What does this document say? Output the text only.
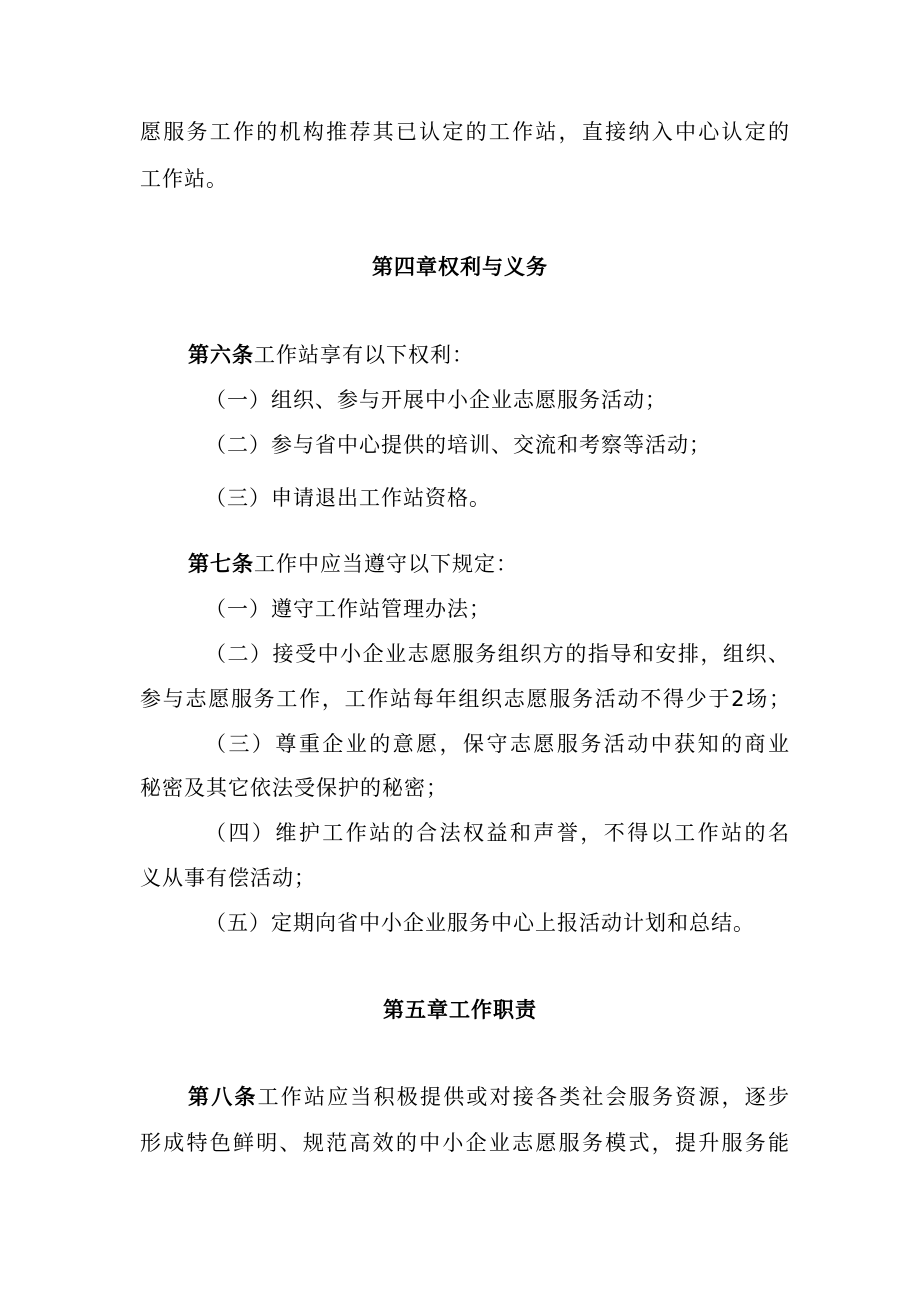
愿服务工作的机构推荐其已认定的工作站，直接纳入中心认定的

工作站。

第四章权利与义务

第六条工作站享有以下权利：

（一）组织、参与开展中小企业志愿服务活动；

（二）参与省中心提供的培训、交流和考察等活动；

（三）申请退出工作站资格。

第七条工作中应当遵守以下规定：

（一）遵守工作站管理办法；

（二）接受中小企业志愿服务组织方的指导和安排，组织、

参与志愿服务工作，工作站每年组织志愿服务活动不得少于2场；

（三）尊重企业的意愿，保守志愿服务活动中获知的商业

秘密及其它依法受保护的秘密；

（四）维护工作站的合法权益和声誉，不得以工作站的名

义从事有偿活动；

（五）定期向省中小企业服务中心上报活动计划和总结。

第五章工作职责

第八条工作站应当积极提供或对接各类社会服务资源，逐步

形成特色鲜明、规范高效的中小企业志愿服务模式，提升服务能
